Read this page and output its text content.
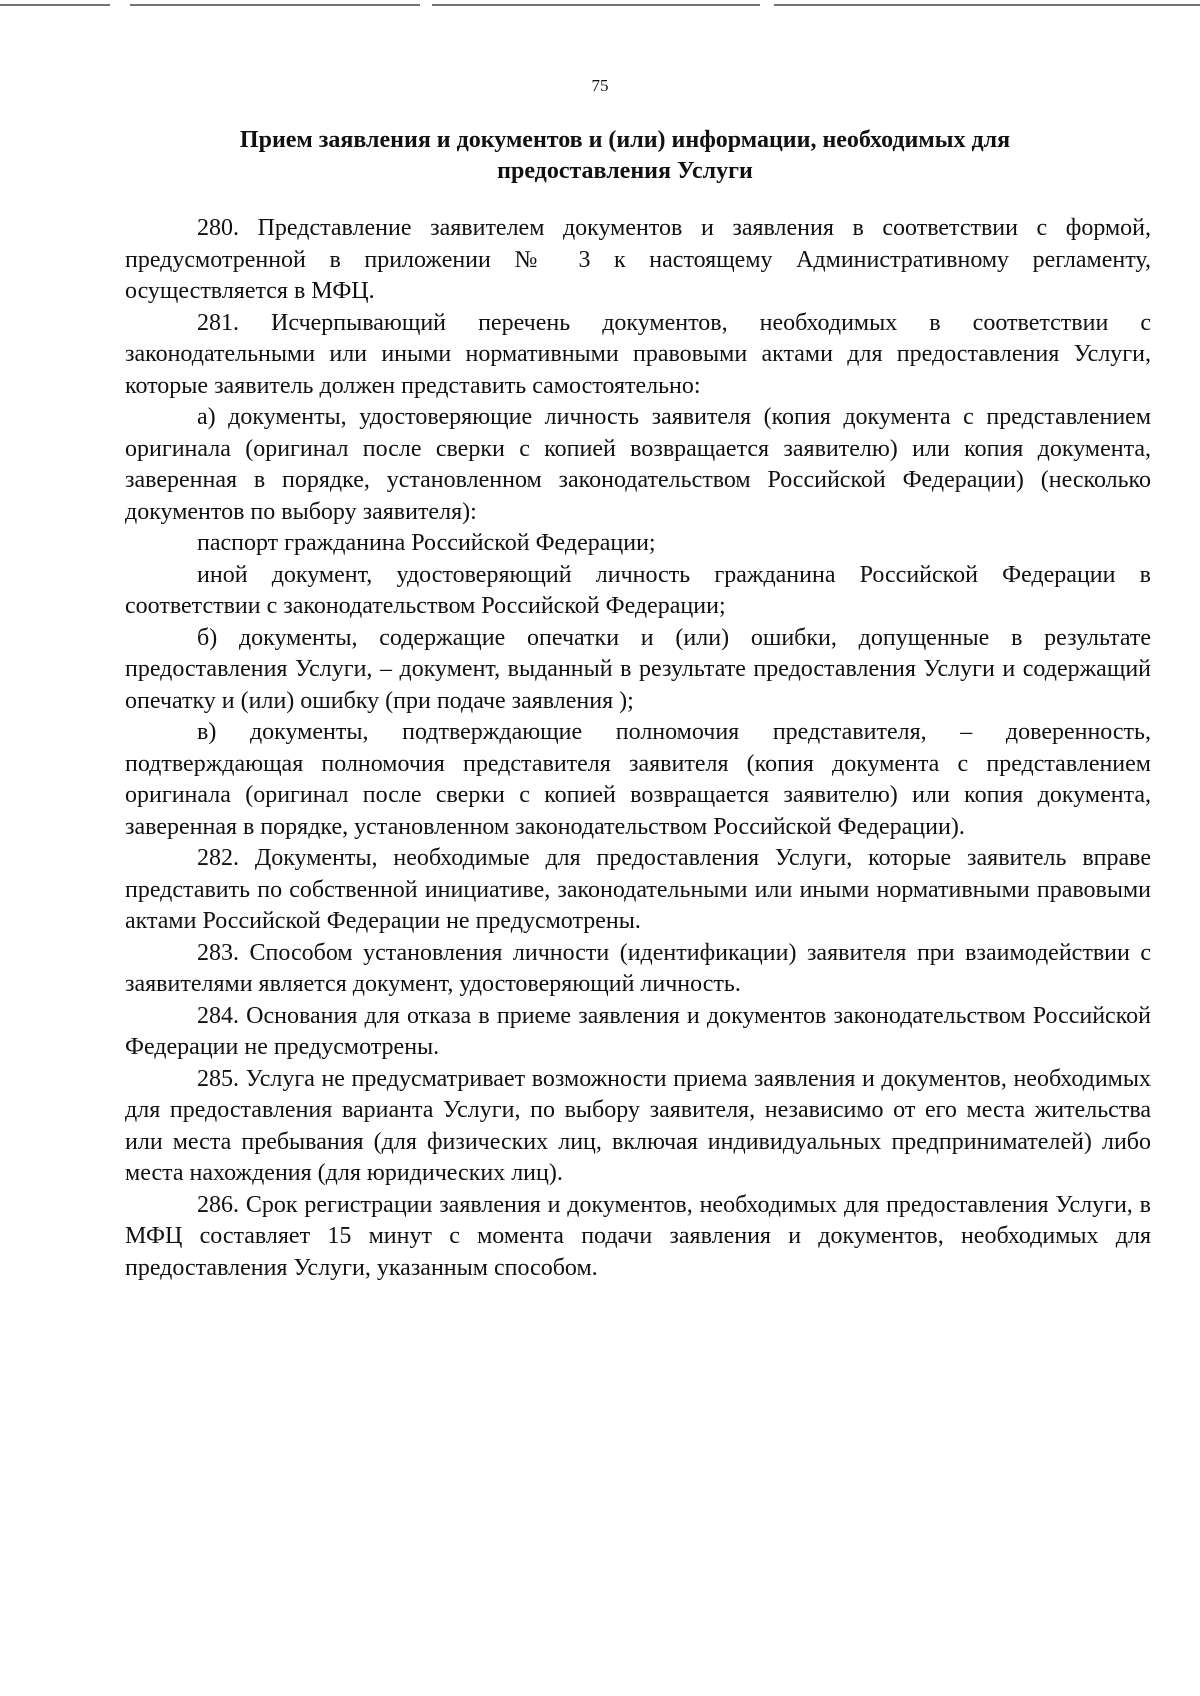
75
Прием заявления и документов и (или) информации, необходимых для предоставления Услуги

280. Представление заявителем документов и заявления в соответствии с формой, предусмотренной в приложении № 3 к настоящему Административному регламенту, осуществляется в МФЦ.

281. Исчерпывающий перечень документов, необходимых в соответствии с законодательными или иными нормативными правовыми актами для предоставления Услуги, которые заявитель должен представить самостоятельно:

а) документы, удостоверяющие личность заявителя (копия документа с представлением оригинала (оригинал после сверки с копией возвращается заявителю) или копия документа, заверенная в порядке, установленном законодательством Российской Федерации) (несколько документов по выбору заявителя):

паспорт гражданина Российской Федерации;

иной документ, удостоверяющий личность гражданина Российской Федерации в соответствии с законодательством Российской Федерации;

б) документы, содержащие опечатки и (или) ошибки, допущенные в результате предоставления Услуги, – документ, выданный в результате предоставления Услуги и содержащий опечатку и (или) ошибку (при подаче заявления );

в) документы, подтверждающие полномочия представителя, – доверенность, подтверждающая полномочия представителя заявителя (копия документа с представлением оригинала (оригинал после сверки с копией возвращается заявителю) или копия документа, заверенная в порядке, установленном законодательством Российской Федерации).

282. Документы, необходимые для предоставления Услуги, которые заявитель вправе представить по собственной инициативе, законодательными или иными нормативными правовыми актами Российской Федерации не предусмотрены.

283. Способом установления личности (идентификации) заявителя при взаимодействии с заявителями является документ, удостоверяющий личность.

284. Основания для отказа в приеме заявления и документов законодательством Российской Федерации не предусмотрены.

285. Услуга не предусматривает возможности приема заявления и документов, необходимых для предоставления варианта Услуги, по выбору заявителя, независимо от его места жительства или места пребывания (для физических лиц, включая индивидуальных предпринимателей) либо места нахождения (для юридических лиц).

286. Срок регистрации заявления и документов, необходимых для предоставления Услуги, в МФЦ составляет 15 минут с момента подачи заявления и документов, необходимых для предоставления Услуги, указанным способом.
